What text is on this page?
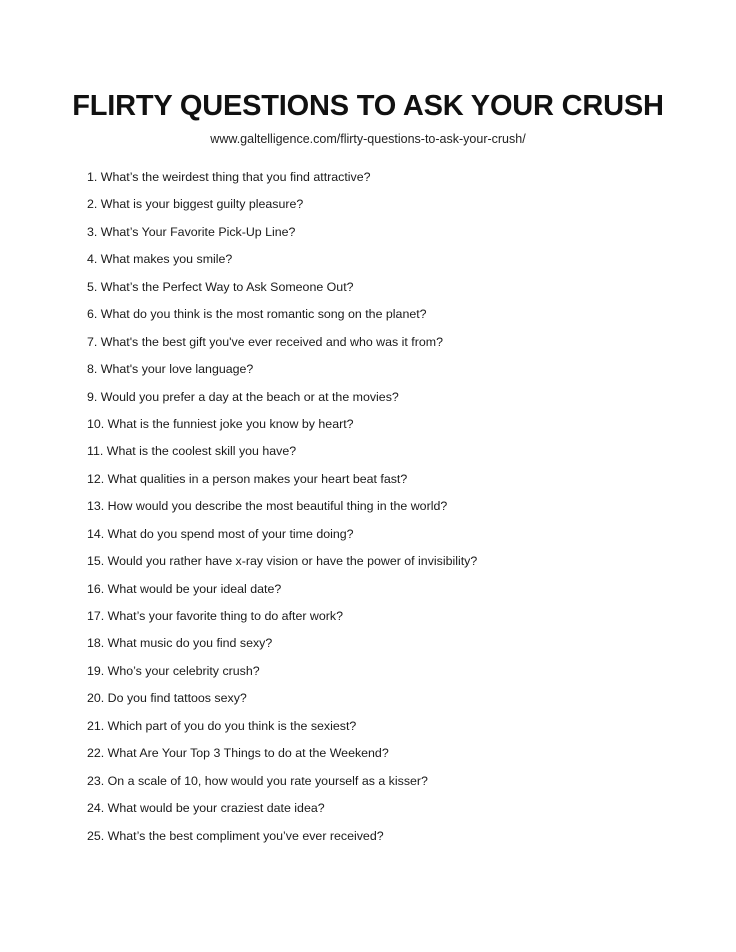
FLIRTY QUESTIONS TO ASK YOUR CRUSH
www.galtelligence.com/flirty-questions-to-ask-your-crush/
1. What’s the weirdest thing that you find attractive?
2. What is your biggest guilty pleasure?
3. What’s Your Favorite Pick-Up Line?
4. What makes you smile?
5. What’s the Perfect Way to Ask Someone Out?
6. What do you think is the most romantic song on the planet?
7. What's the best gift you've ever received and who was it from?
8. What's your love language?
9. Would you prefer a day at the beach or at the movies?
10. What is the funniest joke you know by heart?
11. What is the coolest skill you have?
12. What qualities in a person makes your heart beat fast?
13. How would you describe the most beautiful thing in the world?
14. What do you spend most of your time doing?
15. Would you rather have x-ray vision or have the power of invisibility?
16. What would be your ideal date?
17. What’s your favorite thing to do after work?
18. What music do you find sexy?
19. Who’s your celebrity crush?
20. Do you find tattoos sexy?
21. Which part of you do you think is the sexiest?
22. What Are Your Top 3 Things to do at the Weekend?
23. On a scale of 10, how would you rate yourself as a kisser?
24. What would be your craziest date idea?
25. What’s the best compliment you’ve ever received?
